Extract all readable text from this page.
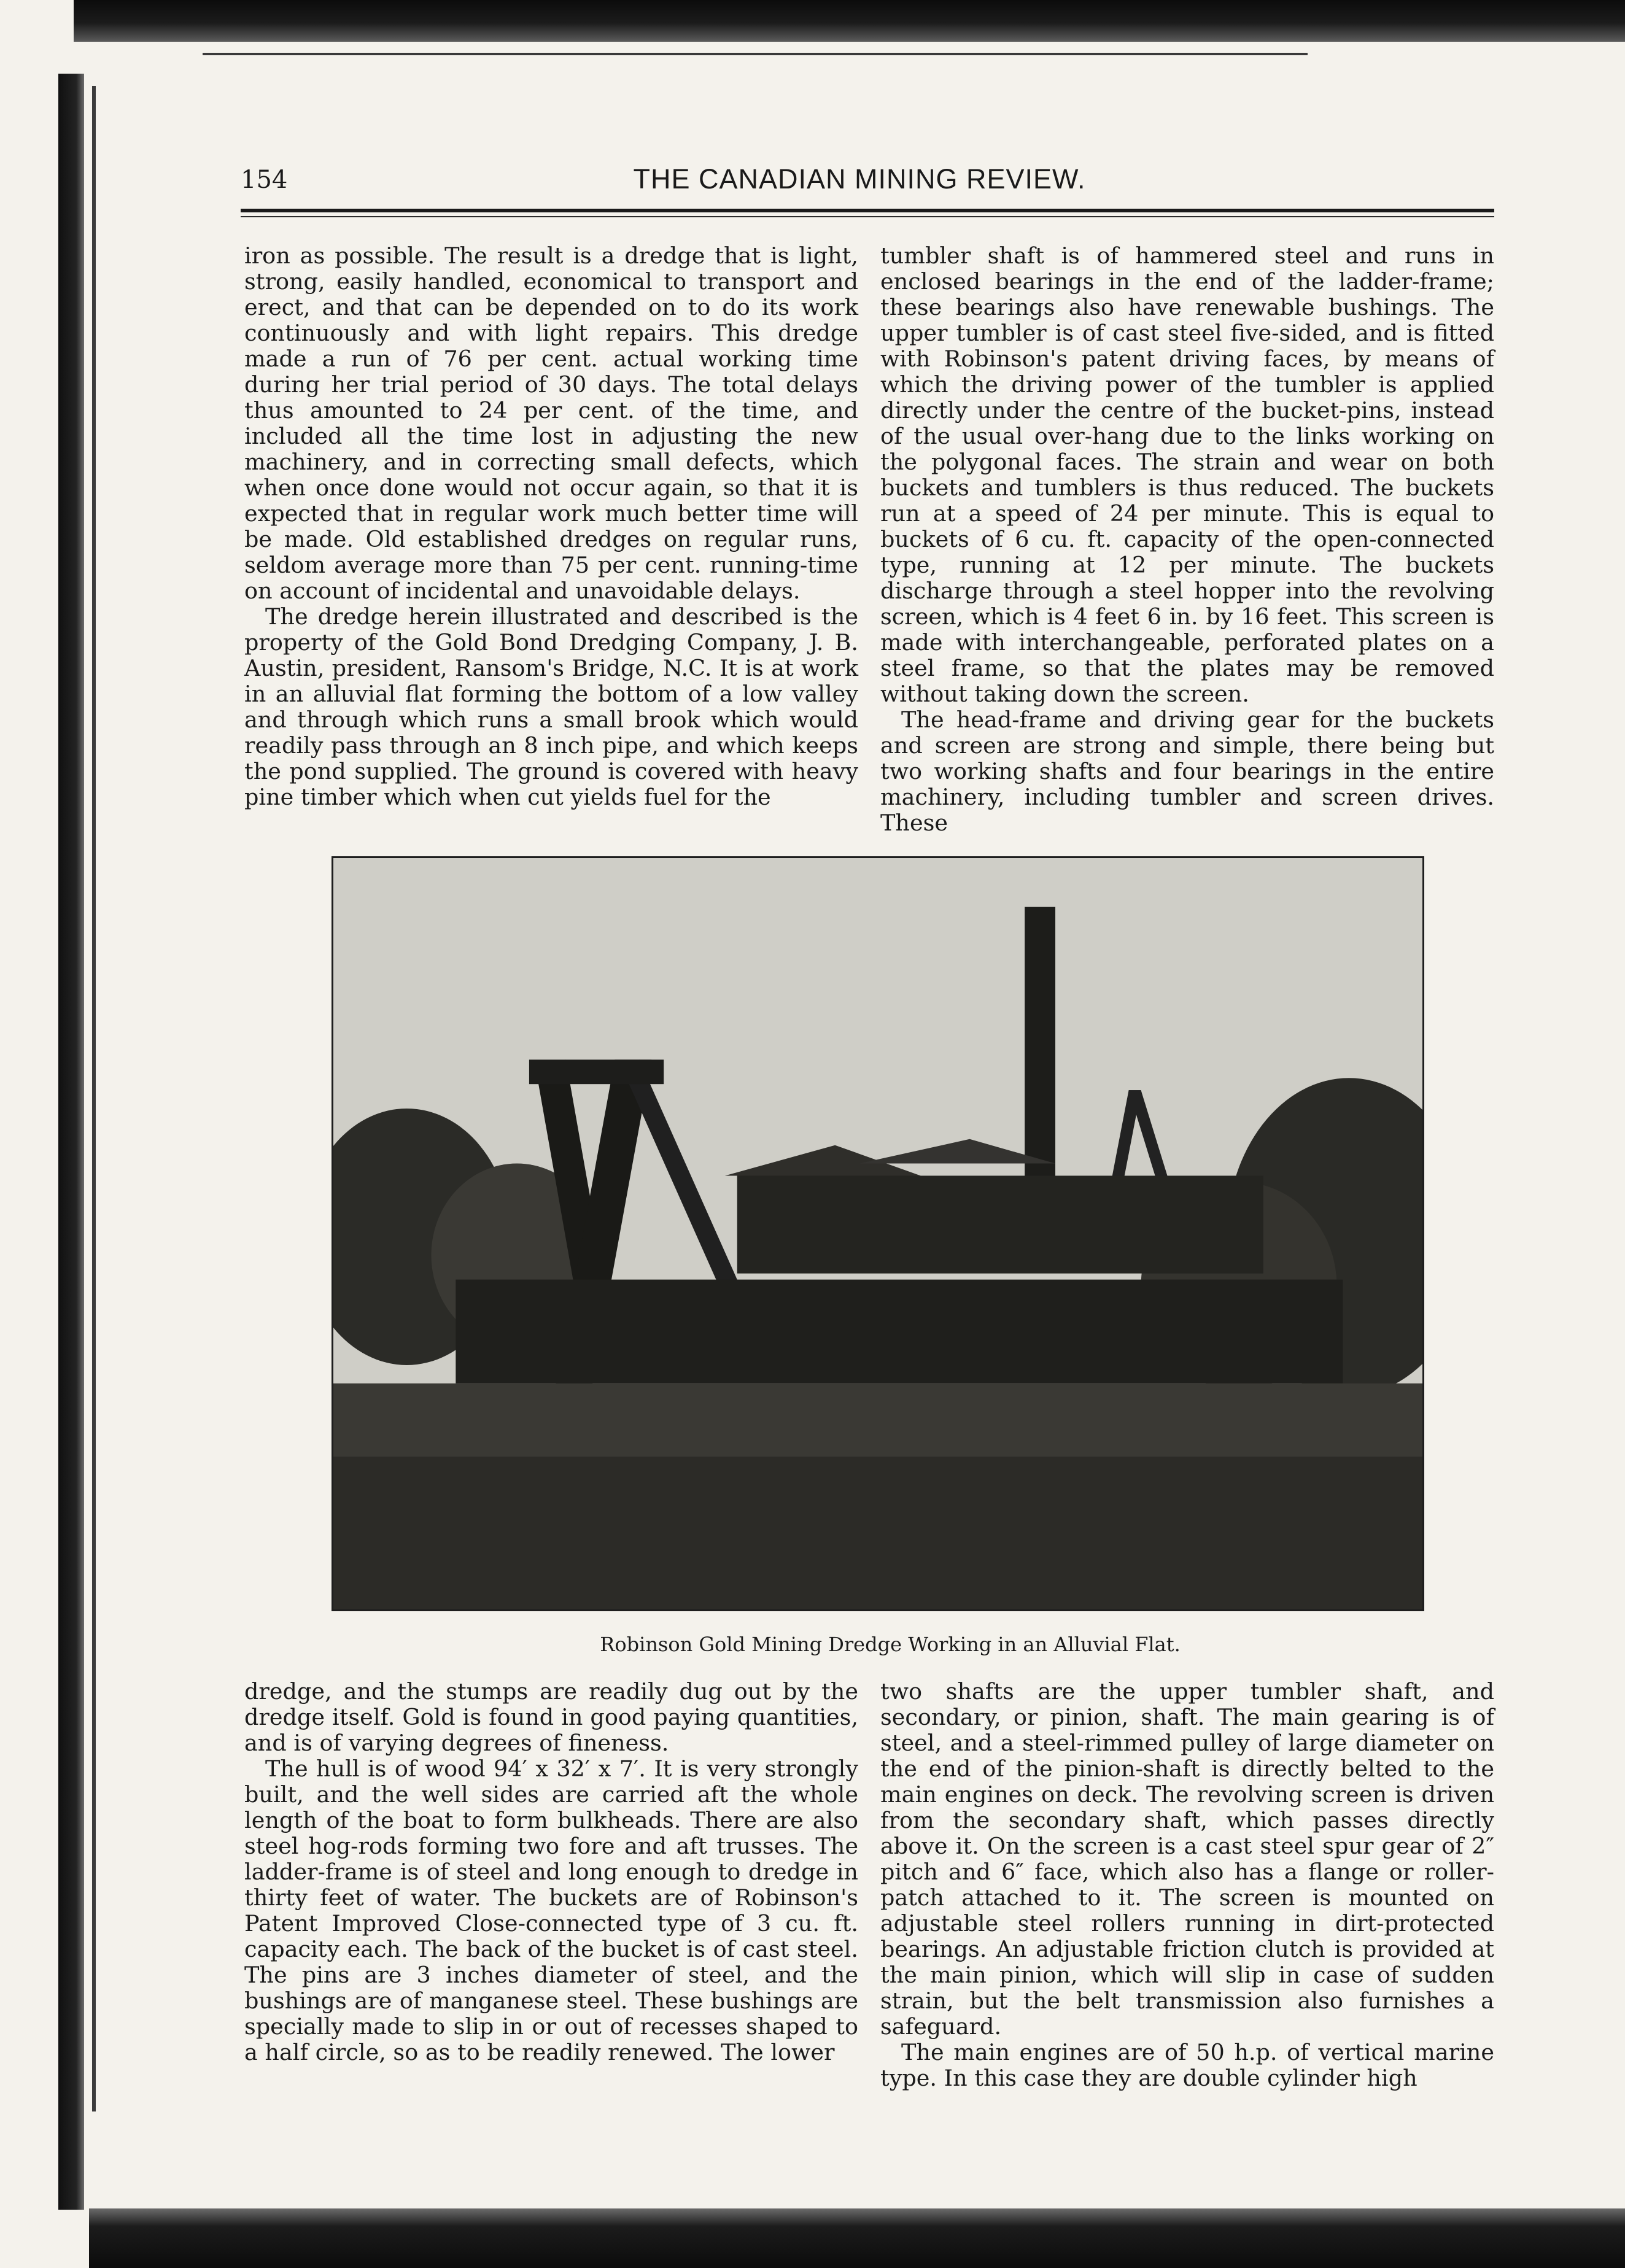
154	THE CANADIAN MINING REVIEW.

iron as possible. The result is a dredge that is light, strong, easily handled, economical to transport and erect, and that can be depended on to do its work continuously and with light repairs. This dredge made a run of 76 per cent. actual working time during her trial period of 30 days. The total delays thus amounted to 24 per cent. of the time, and included all the time lost in adjusting the new machinery, and in correcting small defects, which when once done would not occur again, so that it is expected that in regular work much better time will be made. Old established dredges on regular runs, seldom average more than 75 per cent. running-time on account of incidental and unavoidable delays.

The dredge herein illustrated and described is the property of the Gold Bond Dredging Company, J. B. Austin, president, Ransom's Bridge, N.C. It is at work in an alluvial flat forming the bottom of a low valley and through which runs a small brook which would readily pass through an 8 inch pipe, and which keeps the pond supplied. The ground is covered with heavy pine timber which when cut yields fuel for the

tumbler shaft is of hammered steel and runs in enclosed bearings in the end of the ladder-frame; these bearings also have renewable bushings. The upper tumbler is of cast steel five-sided, and is fitted with Robinson's patent driving faces, by means of which the driving power of the tumbler is applied directly under the centre of the bucket-pins, instead of the usual over-hang due to the links working on the polygonal faces. The strain and wear on both buckets and tumblers is thus reduced. The buckets run at a speed of 24 per minute. This is equal to buckets of 6 cu. ft. capacity of the open-connected type, running at 12 per minute. The buckets discharge through a steel hopper into the revolving screen, which is 4 feet 6 in. by 16 feet. This screen is made with interchangeable, perforated plates on a steel frame, so that the plates may be removed without taking down the screen.

The head-frame and driving gear for the buckets and screen are strong and simple, there being but two working shafts and four bearings in the entire machinery, including tumbler and screen drives. These

Robinson Gold Mining Dredge Working in an Alluvial Flat.

dredge, and the stumps are readily dug out by the dredge itself. Gold is found in good paying quantities, and is of varying degrees of fineness.

The hull is of wood 94′ x 32′ x 7′. It is very strongly built, and the well sides are carried aft the whole length of the boat to form bulkheads. There are also steel hog-rods forming two fore and aft trusses. The ladder-frame is of steel and long enough to dredge in thirty feet of water. The buckets are of Robinson's Patent Improved Close-connected type of 3 cu. ft. capacity each. The back of the bucket is of cast steel. The pins are 3 inches diameter of steel, and the bushings are of manganese steel. These bushings are specially made to slip in or out of recesses shaped to a half circle, so as to be readily renewed. The lower

two shafts are the upper tumbler shaft, and secondary, or pinion, shaft. The main gearing is of steel, and a steel-rimmed pulley of large diameter on the end of the pinion-shaft is directly belted to the main engines on deck. The revolving screen is driven from the secondary shaft, which passes directly above it. On the screen is a cast steel spur gear of 2″ pitch and 6″ face, which also has a flange or roller-patch attached to it. The screen is mounted on adjustable steel rollers running in dirt-protected bearings. An adjustable friction clutch is provided at the main pinion, which will slip in case of sudden strain, but the belt transmission also furnishes a safeguard.

The main engines are of 50 h.p. of vertical marine type. In this case they are double cylinder high
